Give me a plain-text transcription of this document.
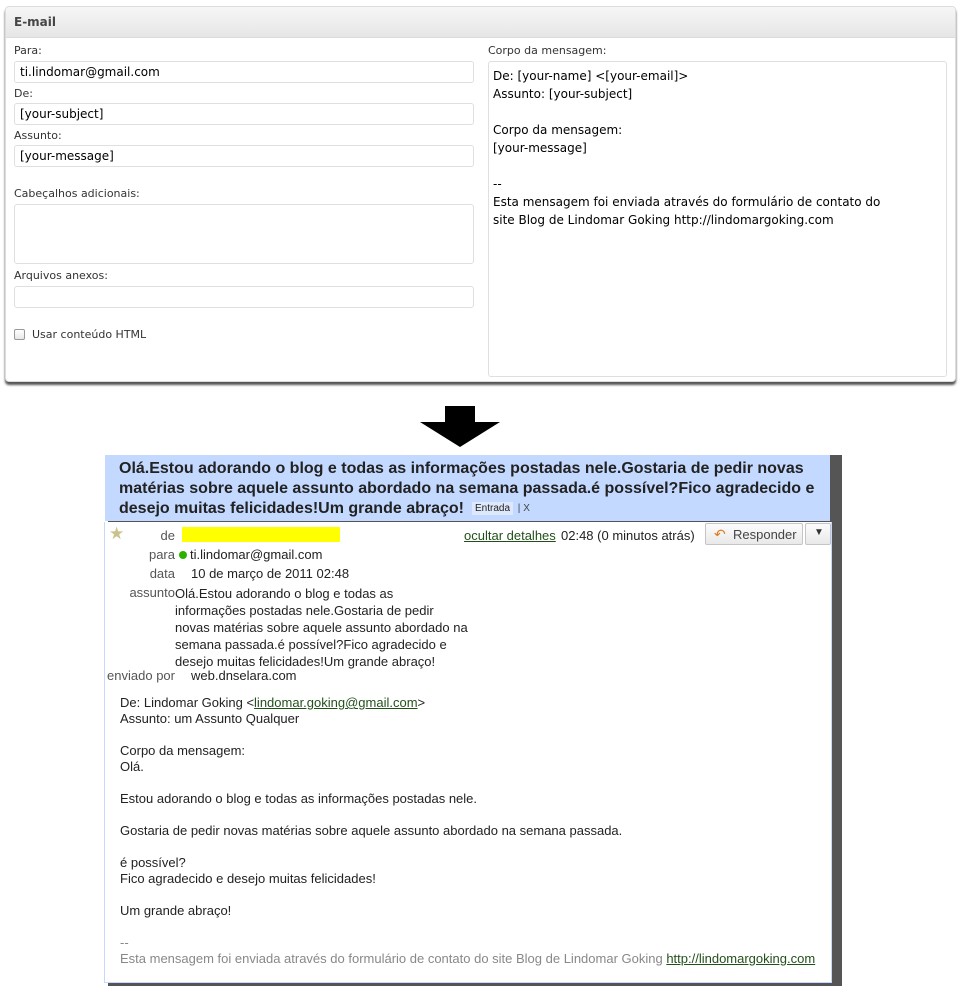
E-mail
Para:
ti.lindomar@gmail.com
De:
[your-subject]
Assunto:
[your-message]
Cabeçalhos adicionais:
Arquivos anexos:
Usar conteúdo HTML
Corpo da mensagem:
De: [your-name] <[your-email]>
Assunto: [your-subject]

Corpo da mensagem:
[your-message]

--
Esta mensagem foi enviada através do formulário de contato do
site Blog de Lindomar Goking http://lindomargoking.com
Olá.Estou adorando o blog e todas as informações postadas nele.Gostaria de pedir novas matérias sobre aquele assunto abordado na semana passada.é possível?Fico agradecido e desejo muitas felicidades!Um grande abraço! Entrada | X
★	de	ocultar detalhes 02:48 (0 minutos atrás) ↶ Responder ▼
para ti.lindomar@gmail.com
data 10 de março de 2011 02:48
assunto Olá.Estou adorando o blog e todas as
informações postadas nele.Gostaria de pedir
novas matérias sobre aquele assunto abordado na
semana passada.é possível?Fico agradecido e
desejo muitas felicidades!Um grande abraço!
enviado por web.dnselara.com
De: Lindomar Goking <lindomar.goking@gmail.com>
Assunto: um Assunto Qualquer
Corpo da mensagem:
Olá.
Estou adorando o blog e todas as informações postadas nele.
Gostaria de pedir novas matérias sobre aquele assunto abordado na semana passada.
é possível?
Fico agradecido e desejo muitas felicidades!
Um grande abraço!
--
Esta mensagem foi enviada através do formulário de contato do site Blog de Lindomar Goking http://lindomargoking.com
